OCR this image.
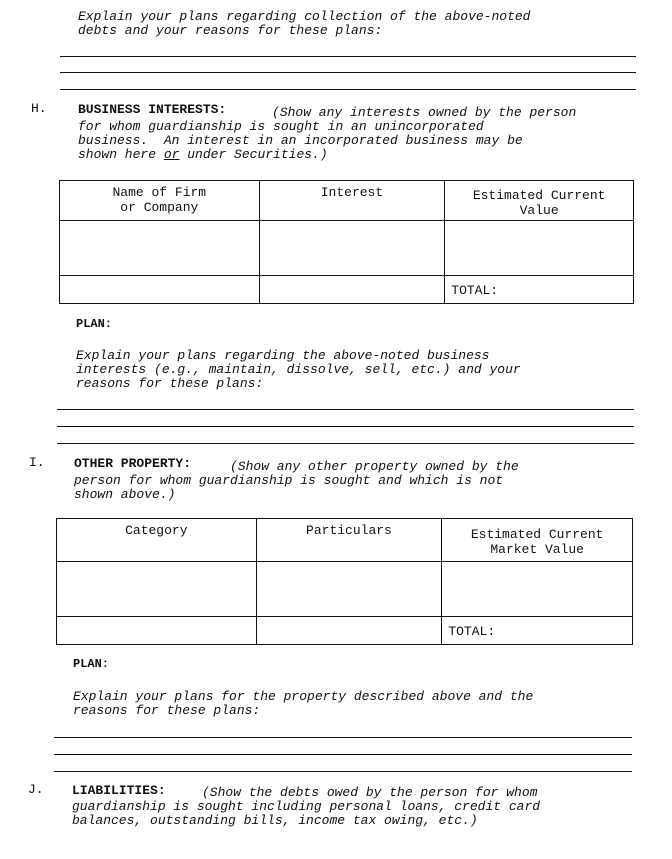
Explain your plans regarding collection of the above-noted
debts and your reasons for these plans:
H. BUSINESS INTERESTS:	(Show any interests owned by the person
for whom guardianship is sought in an unincorporated
business.  An interest in an incorporated business may be
shown here or under Securities.)
Name of Firm
or Company	Interest	Estimated Current
Value

		TOTAL:
PLAN:
Explain your plans regarding the above-noted business
interests (e.g., maintain, dissolve, sell, etc.) and your
reasons for these plans:
I. OTHER PROPERTY:	(Show any other property owned by the
person for whom guardianship is sought and which is not
shown above.)
Category	Particulars	Estimated Current
Market Value

		TOTAL:
PLAN:
Explain your plans for the property described above and the
reasons for these plans:
J. LIABILITIES:	(Show the debts owed by the person for whom
guardianship is sought including personal loans, credit card
balances, outstanding bills, income tax owing, etc.)
